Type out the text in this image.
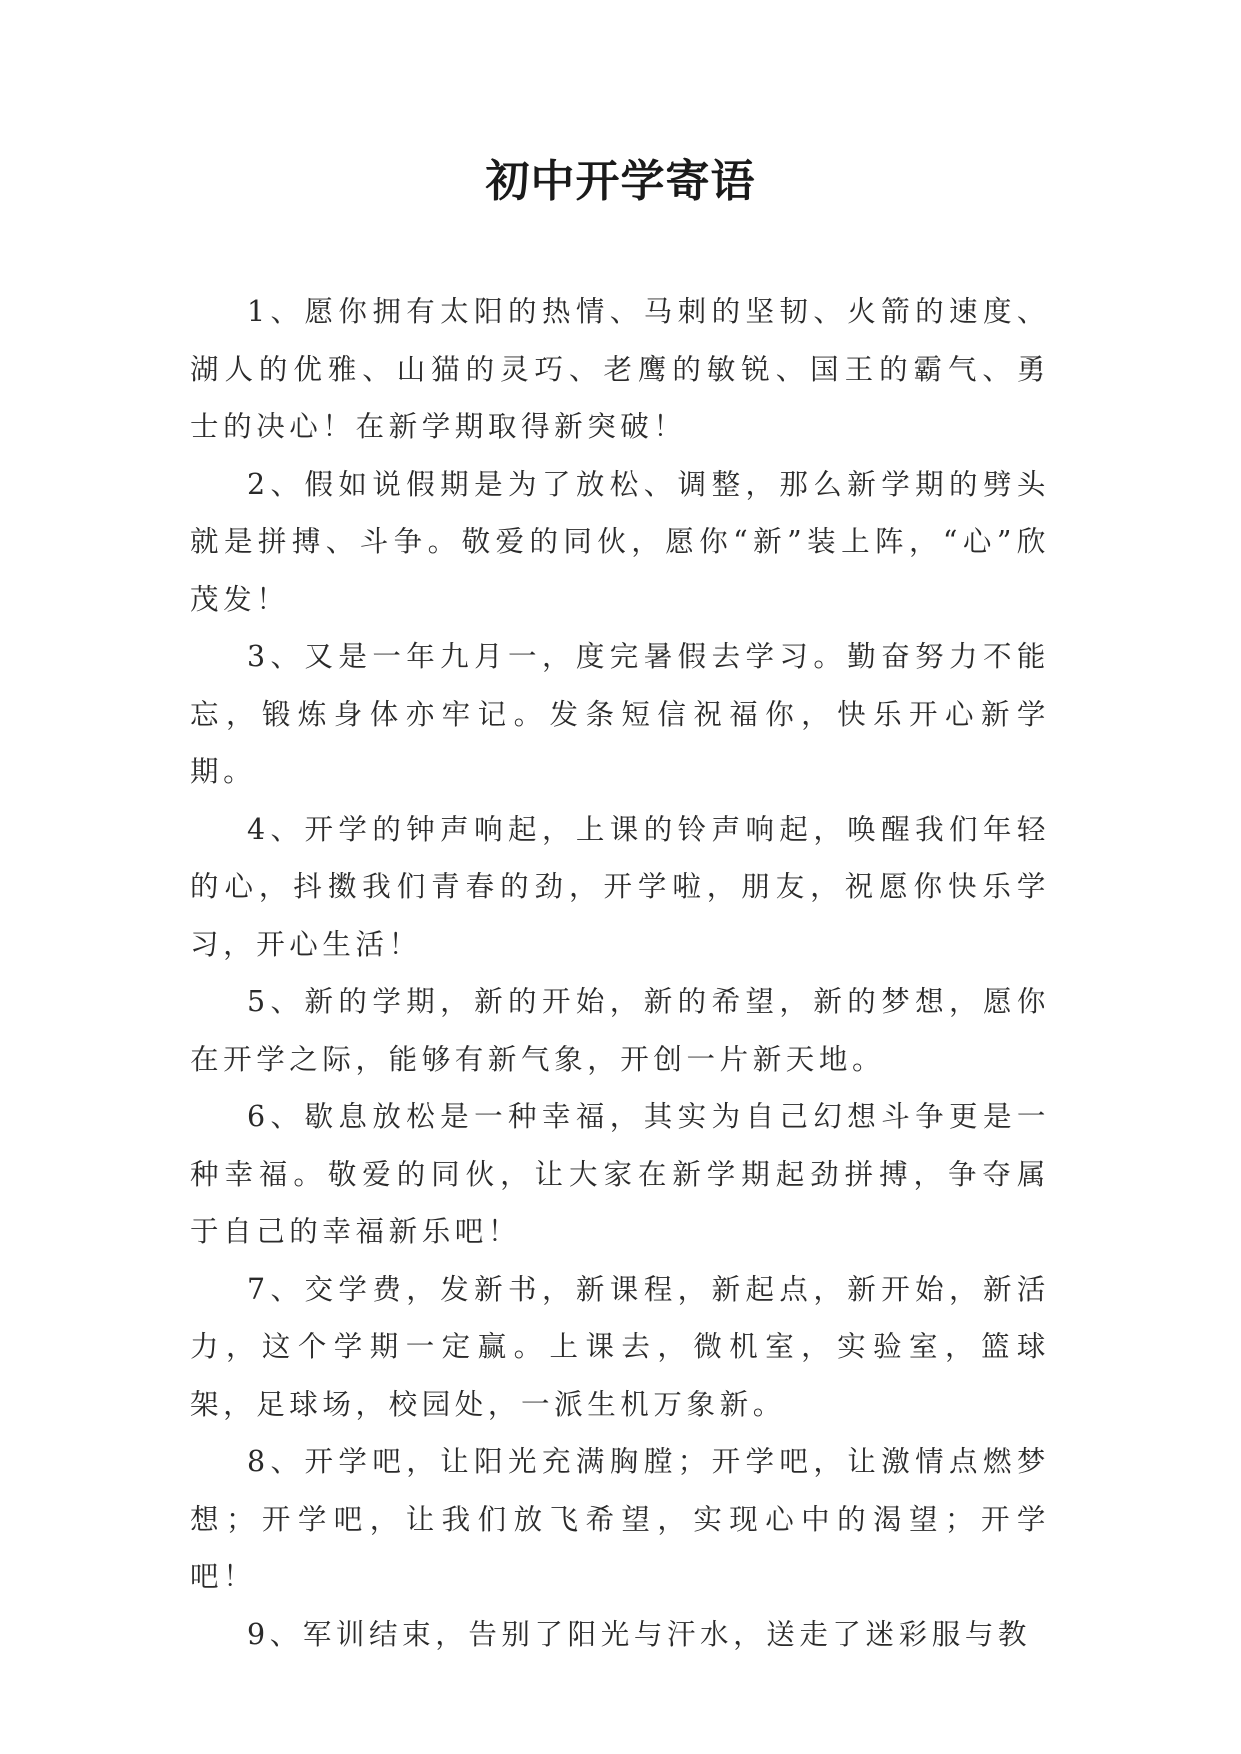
初中开学寄语

1、愿你拥有太阳的热情、马刺的坚韧、火箭的速度、湖人的优雅、山猫的灵巧、老鹰的敏锐、国王的霸气、勇士的决心！在新学期取得新突破！

2、假如说假期是为了放松、调整，那么新学期的劈头就是拼搏、斗争。敬爱的同伙，愿你“新”装上阵，“心”欣茂发！

3、又是一年九月一，度完暑假去学习。勤奋努力不能忘，锻炼身体亦牢记。发条短信祝福你，快乐开心新学期。

4、开学的钟声响起，上课的铃声响起，唤醒我们年轻的心，抖擞我们青春的劲，开学啦，朋友，祝愿你快乐学习，开心生活！

5、新的学期，新的开始，新的希望，新的梦想，愿你在开学之际，能够有新气象，开创一片新天地。

6、歇息放松是一种幸福，其实为自己幻想斗争更是一种幸福。敬爱的同伙，让大家在新学期起劲拼搏，争夺属于自己的幸福新乐吧！

7、交学费，发新书，新课程，新起点，新开始，新活力，这个学期一定赢。上课去，微机室，实验室，篮球架，足球场，校园处，一派生机万象新。

8、开学吧，让阳光充满胸膛；开学吧，让激情点燃梦想；开学吧，让我们放飞希望，实现心中的渴望；开学吧！

9、军训结束，告别了阳光与汗水，送走了迷彩服与教
